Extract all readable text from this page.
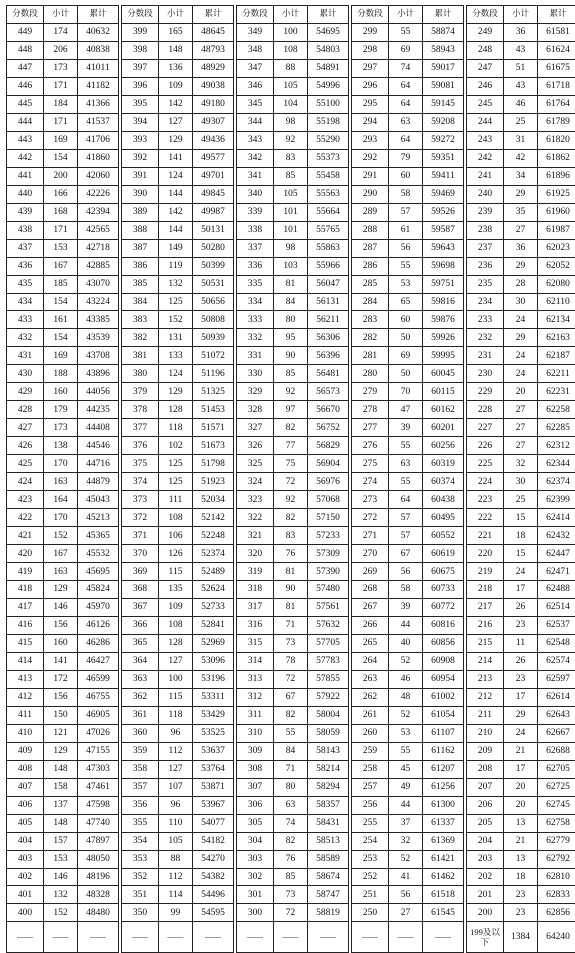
分数段	小计	累计
449	174	40632
448	206	40838
447	173	41011
446	171	41182
445	184	41366
444	171	41537
443	169	41706
442	154	41860
441	200	42060
440	166	42226
439	168	42394
438	171	42565
437	153	42718
436	167	42885
435	185	43070
434	154	43224
433	161	43385
432	154	43539
431	169	43708
430	188	43896
429	160	44056
428	179	44235
427	173	44408
426	138	44546
425	170	44716
424	163	44879
423	164	45043
422	170	45213
421	152	45365
420	167	45532
419	163	45695
418	129	45824
417	146	45970
416	156	46126
415	160	46286
414	141	46427
413	172	46599
412	156	46755
411	150	46905
410	121	47026
409	129	47155
408	148	47303
407	158	47461
406	137	47598
405	148	47740
404	157	47897
403	153	48050
402	146	48196
401	132	48328
400	152	48480
——	——	——
分数段	小计	累计
399	165	48645
398	148	48793
397	136	48929
396	109	49038
395	142	49180
394	127	49307
393	129	49436
392	141	49577
391	124	49701
390	144	49845
389	142	49987
388	144	50131
387	149	50280
386	119	50399
385	132	50531
384	125	50656
383	152	50808
382	131	50939
381	133	51072
380	124	51196
379	129	51325
378	128	51453
377	118	51571
376	102	51673
375	125	51798
374	125	51923
373	111	52034
372	108	52142
371	106	52248
370	126	52374
369	115	52489
368	135	52624
367	109	52733
366	108	52841
365	128	52969
364	127	53096
363	100	53196
362	115	53311
361	118	53429
360	96	53525
359	112	53637
358	127	53764
357	107	53871
356	96	53967
355	110	54077
354	105	54182
353	88	54270
352	112	54382
351	114	54496
350	99	54595
——	——	——
分数段	小计	累计
349	100	54695
348	108	54803
347	88	54891
346	105	54996
345	104	55100
344	98	55198
343	92	55290
342	83	55373
341	85	55458
340	105	55563
339	101	55664
338	101	55765
337	98	55863
336	103	55966
335	81	56047
334	84	56131
333	80	56211
332	95	56306
331	90	56396
330	85	56481
329	92	56573
328	97	56670
327	82	56752
326	77	56829
325	75	56904
324	72	56976
323	92	57068
322	82	57150
321	83	57233
320	76	57309
319	81	57390
318	90	57480
317	81	57561
316	71	57632
315	73	57705
314	78	57783
313	72	57855
312	67	57922
311	82	58004
310	55	58059
309	84	58143
308	71	58214
307	80	58294
306	63	58357
305	74	58431
304	82	58513
303	76	58589
302	85	58674
301	73	58747
300	72	58819
——	——	——
分数段	小计	累计
299	55	58874
298	69	58943
297	74	59017
296	64	59081
295	64	59145
294	63	59208
293	64	59272
292	79	59351
291	60	59411
290	58	59469
289	57	59526
288	61	59587
287	56	59643
286	55	59698
285	53	59751
284	65	59816
283	60	59876
282	50	59926
281	69	59995
280	50	60045
279	70	60115
278	47	60162
277	39	60201
276	55	60256
275	63	60319
274	55	60374
273	64	60438
272	57	60495
271	57	60552
270	67	60619
269	56	60675
268	58	60733
267	39	60772
266	44	60816
265	40	60856
264	52	60908
263	46	60954
262	48	61002
261	52	61054
260	53	61107
259	55	61162
258	45	61207
257	49	61256
256	44	61300
255	37	61337
254	32	61369
253	52	61421
252	41	61462
251	56	61518
250	27	61545
——	——	——
分数段	小计	累计
249	36	61581
248	43	61624
247	51	61675
246	43	61718
245	46	61764
244	25	61789
243	31	61820
242	42	61862
241	34	61896
240	29	61925
239	35	61960
238	27	61987
237	36	62023
236	29	62052
235	28	62080
234	30	62110
233	24	62134
232	29	62163
231	24	62187
230	24	62211
229	20	62231
228	27	62258
227	27	62285
226	27	62312
225	32	62344
224	30	62374
223	25	62399
222	15	62414
221	18	62432
220	15	62447
219	24	62471
218	17	62488
217	26	62514
216	23	62537
215	11	62548
214	26	62574
213	23	62597
212	17	62614
211	29	62643
210	24	62667
209	21	62688
208	17	62705
207	20	62725
206	20	62745
205	13	62758
204	21	62779
203	13	62792
202	18	62810
201	23	62833
200	23	62856
199及以下	1384	64240
